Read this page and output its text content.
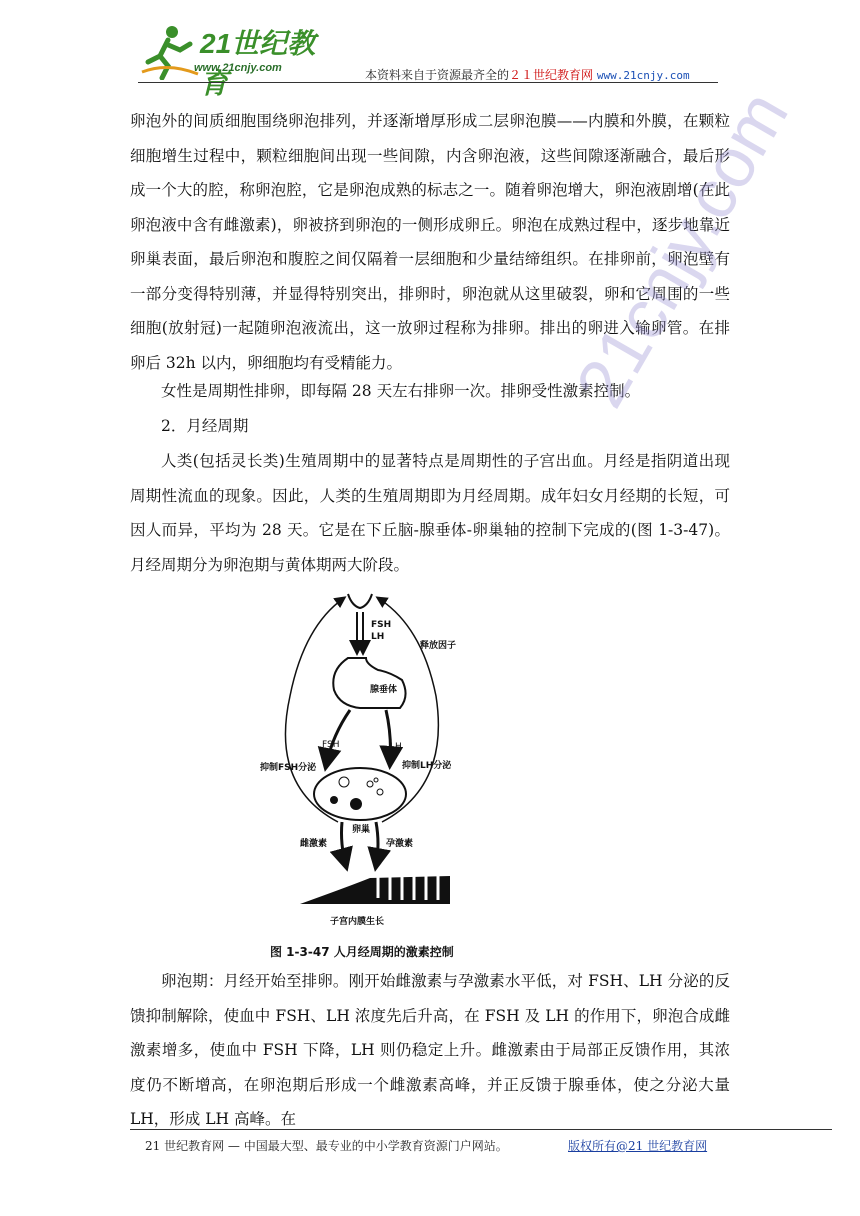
21世纪教育
www.21cnjy.com	本资料来自于资源最齐全的２１世纪教育网 www.21cnjy.com
卵泡外的间质细胞围绕卵泡排列，并逐渐增厚形成二层卵泡膜——内膜和外膜，在颗粒细胞增生过程中，颗粒细胞间出现一些间隙，内含卵泡液，这些间隙逐渐融合，最后形成一个大的腔，称卵泡腔，它是卵泡成熟的标志之一。随着卵泡增大，卵泡液剧增(在此卵泡液中含有雌激素)，卵被挤到卵泡的一侧形成卵丘。卵泡在成熟过程中，逐步地靠近卵巢表面，最后卵泡和腹腔之间仅隔着一层细胞和少量结缔组织。在排卵前，卵泡壁有一部分变得特别薄，并显得特别突出，排卵时，卵泡就从这里破裂，卵和它周围的一些细胞(放射冠)一起随卵泡液流出，这一放卵过程称为排卵。排出的卵进入输卵管。在排卵后 32h 以内，卵细胞均有受精能力。
女性是周期性排卵，即每隔 28 天左右排卵一次。排卵受性激素控制。
2．月经周期
人类(包括灵长类)生殖周期中的显著特点是周期性的子宫出血。月经是指阴道出现周期性流血的现象。因此，人类的生殖周期即为月经周期。成年妇女月经期的长短，可因人而异，平均为 28 天。它是在下丘脑-腺垂体-卵巢轴的控制下完成的(图 1-3-47)。月经周期分为卵泡期与黄体期两大阶段。
21cnjy.com
FSH
LH
释放因子
腺垂体
FSH	LH
抑制FSH分泌	抑制LH分泌
卵巢
雌激素	孕激素
子宫内膜生长
图 1-3-47 人月经周期的激素控制
卵泡期：月经开始至排卵。刚开始雌激素与孕激素水平低，对 FSH、LH 分泌的反馈抑制解除，使血中 FSH、LH 浓度先后升高，在 FSH 及 LH 的作用下，卵泡合成雌激素增多，使血中 FSH 下降，LH 则仍稳定上升。雌激素由于局部正反馈作用，其浓度仍不断增高，在卵泡期后形成一个雌激素高峰，并正反馈于腺垂体，使之分泌大量 LH，形成 LH 高峰。在
21 世纪教育网 — 中国最大型、最专业的中小学教育资源门户网站。	版权所有@21 世纪教育网
